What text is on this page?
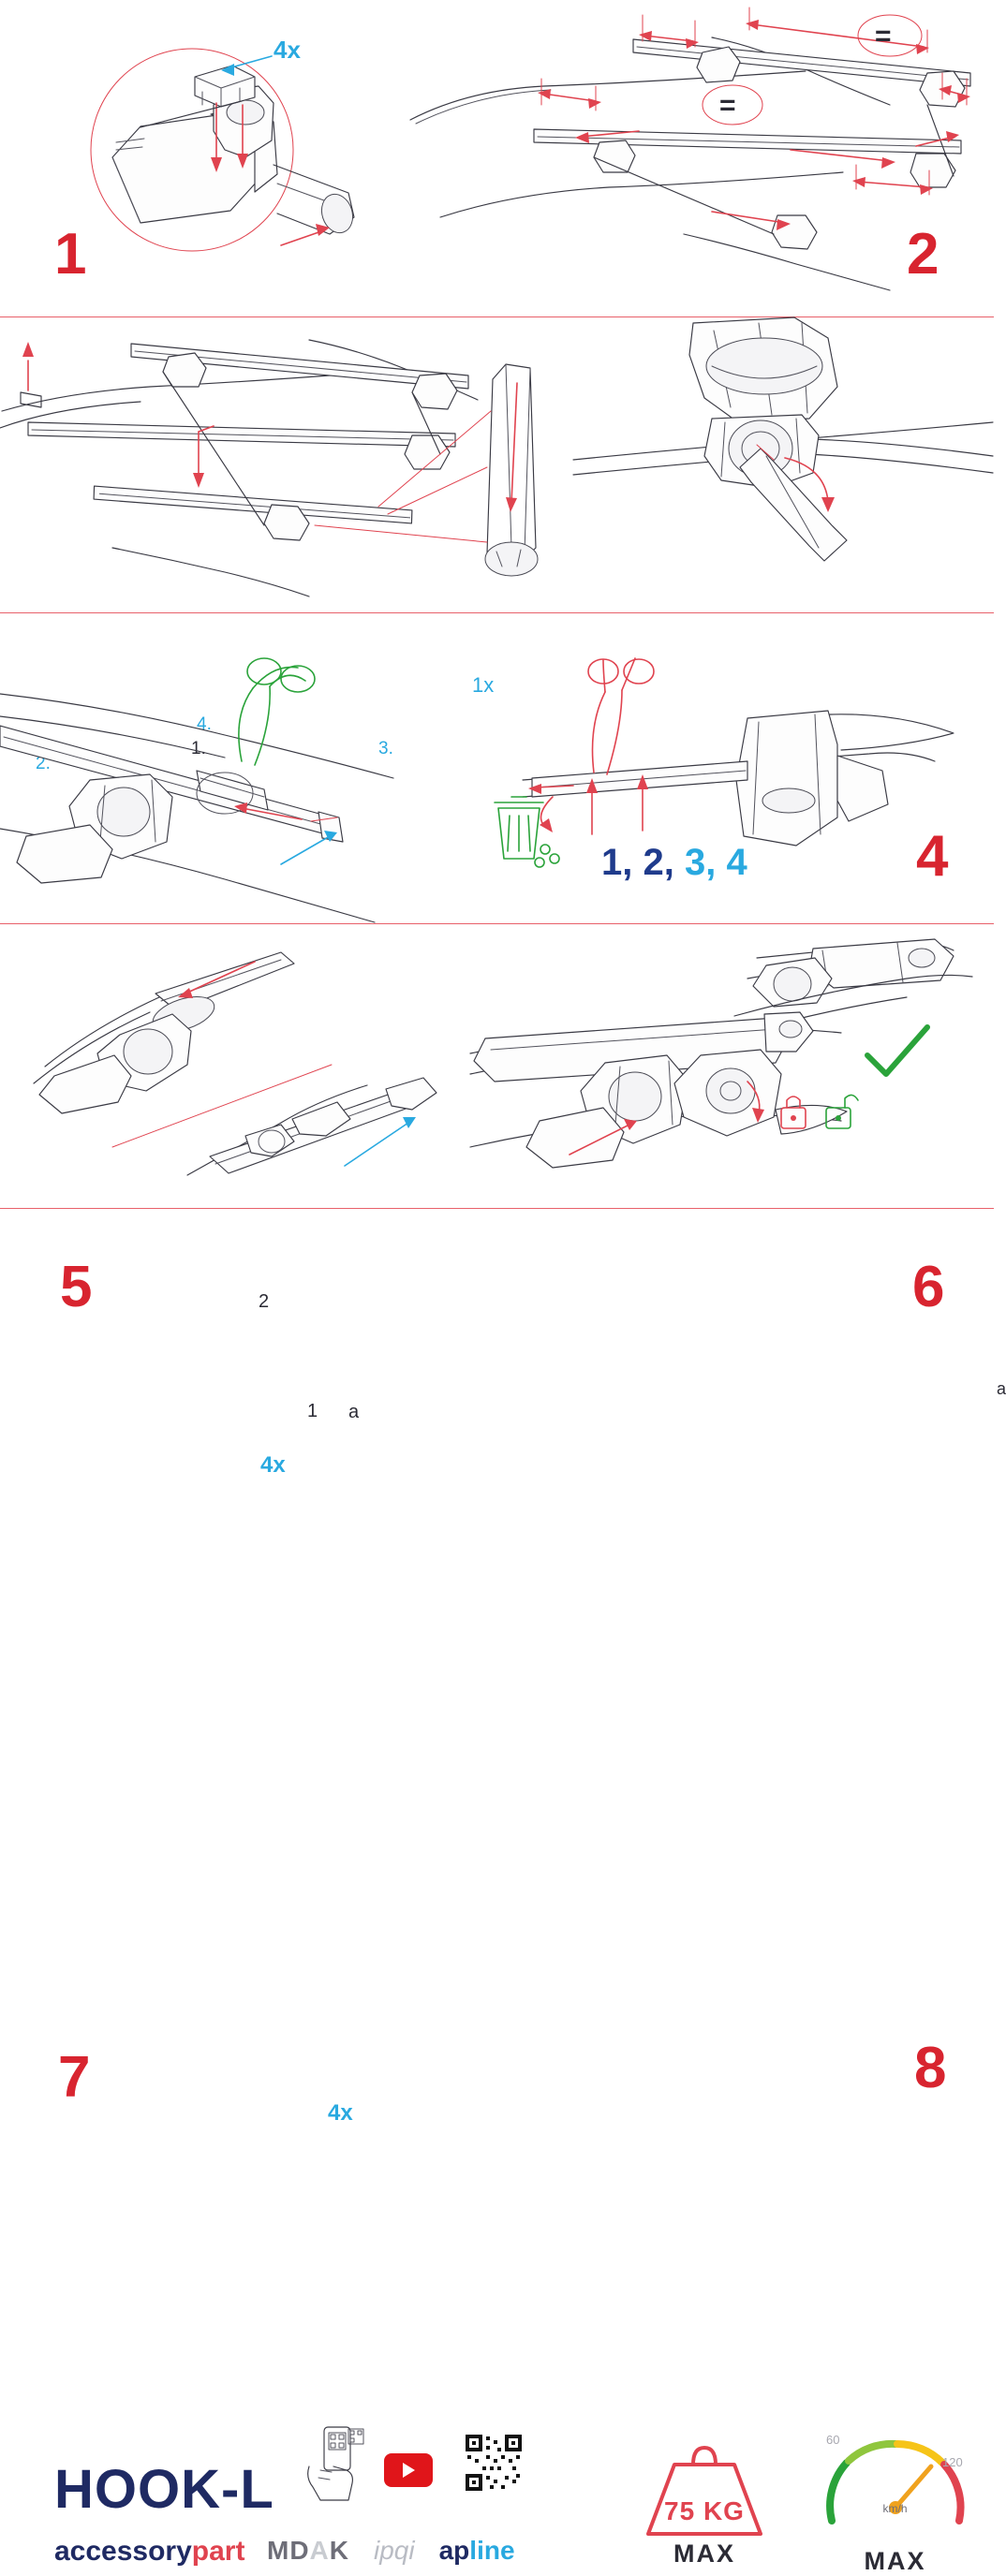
4x
1
=
=
2
1.
2.
3.
4.
1x
1, 2, 3, 4	4
5
1
2
a
4x
6
a
7
4x
8
HOOK-L
accessorypart MDAK ipqi apline
75 KG
MAX
60
120
km/h
MAX
